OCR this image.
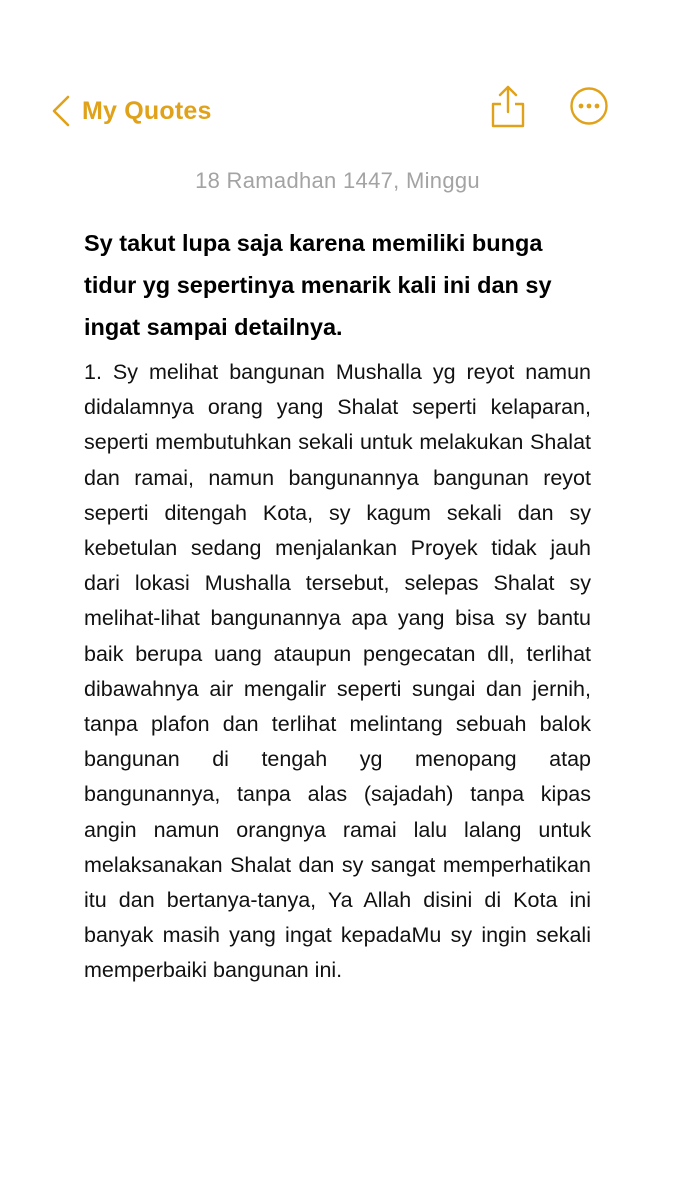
My Quotes
18 Ramadhan 1447, Minggu
Sy takut lupa saja karena memiliki bunga tidur yg sepertinya menarik kali ini dan sy ingat sampai detailnya.
1. Sy melihat bangunan Mushalla yg reyot namun didalamnya orang yang Shalat seperti kelaparan, seperti membutuhkan sekali untuk melakukan Shalat dan ramai, namun bangunannya bangunan reyot seperti ditengah Kota, sy kagum sekali dan sy kebetulan sedang menjalankan Proyek tidak jauh dari lokasi Mushalla tersebut, selepas Shalat sy melihat-lihat bangunannya apa yang bisa sy bantu baik berupa uang ataupun pengecatan dll, terlihat dibawahnya air mengalir seperti sungai dan jernih, tanpa plafon dan terlihat melintang sebuah balok bangunan di tengah yg menopang atap bangunannya, tanpa alas (sajadah) tanpa kipas angin namun orangnya ramai lalu lalang untuk melaksanakan Shalat dan sy sangat memperhatikan itu dan bertanya-tanya, Ya Allah disini di Kota ini banyak masih yang ingat kepadaMu sy ingin sekali memperbaiki bangunan ini.
